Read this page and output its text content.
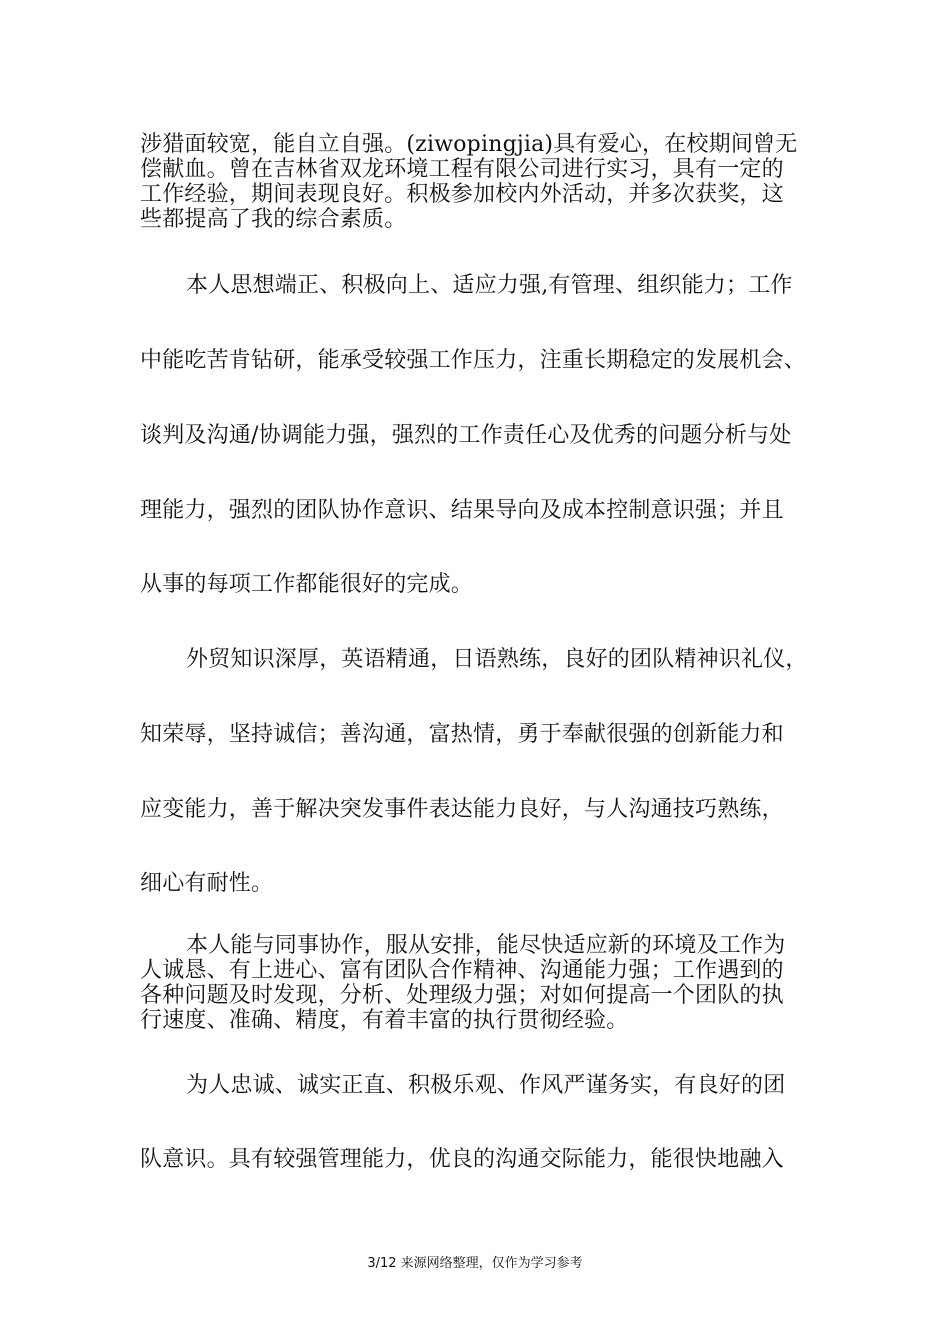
涉猎面较宽，能自立自强。(ziwopingjia)具有爱心，在校期间曾无

偿献血。曾在吉林省双龙环境工程有限公司进行实习，具有一定的

工作经验，期间表现良好。积极参加校内外活动，并多次获奖，这

些都提高了我的综合素质。

本人思想端正、积极向上、适应力强,有管理、组织能力；工作

中能吃苦肯钻研，能承受较强工作压力，注重长期稳定的发展机会、

谈判及沟通/协调能力强，强烈的工作责任心及优秀的问题分析与处

理能力，强烈的团队协作意识、结果导向及成本控制意识强；并且

从事的每项工作都能很好的完成。

外贸知识深厚，英语精通，日语熟练，良好的团队精神识礼仪，

知荣辱，坚持诚信；善沟通，富热情，勇于奉献很强的创新能力和

应变能力，善于解决突发事件表达能力良好，与人沟通技巧熟练，

细心有耐性。

本人能与同事协作，服从安排，能尽快适应新的环境及工作为

人诚恳、有上进心、富有团队合作精神、沟通能力强；工作遇到的

各种问题及时发现，分析、处理级力强；对如何提高一个团队的执

行速度、准确、精度，有着丰富的执行贯彻经验。

为人忠诚、诚实正直、积极乐观、作风严谨务实，有良好的团

队意识。具有较强管理能力，优良的沟通交际能力，能很快地融入

3/12 来源网络整理，仅作为学习参考
